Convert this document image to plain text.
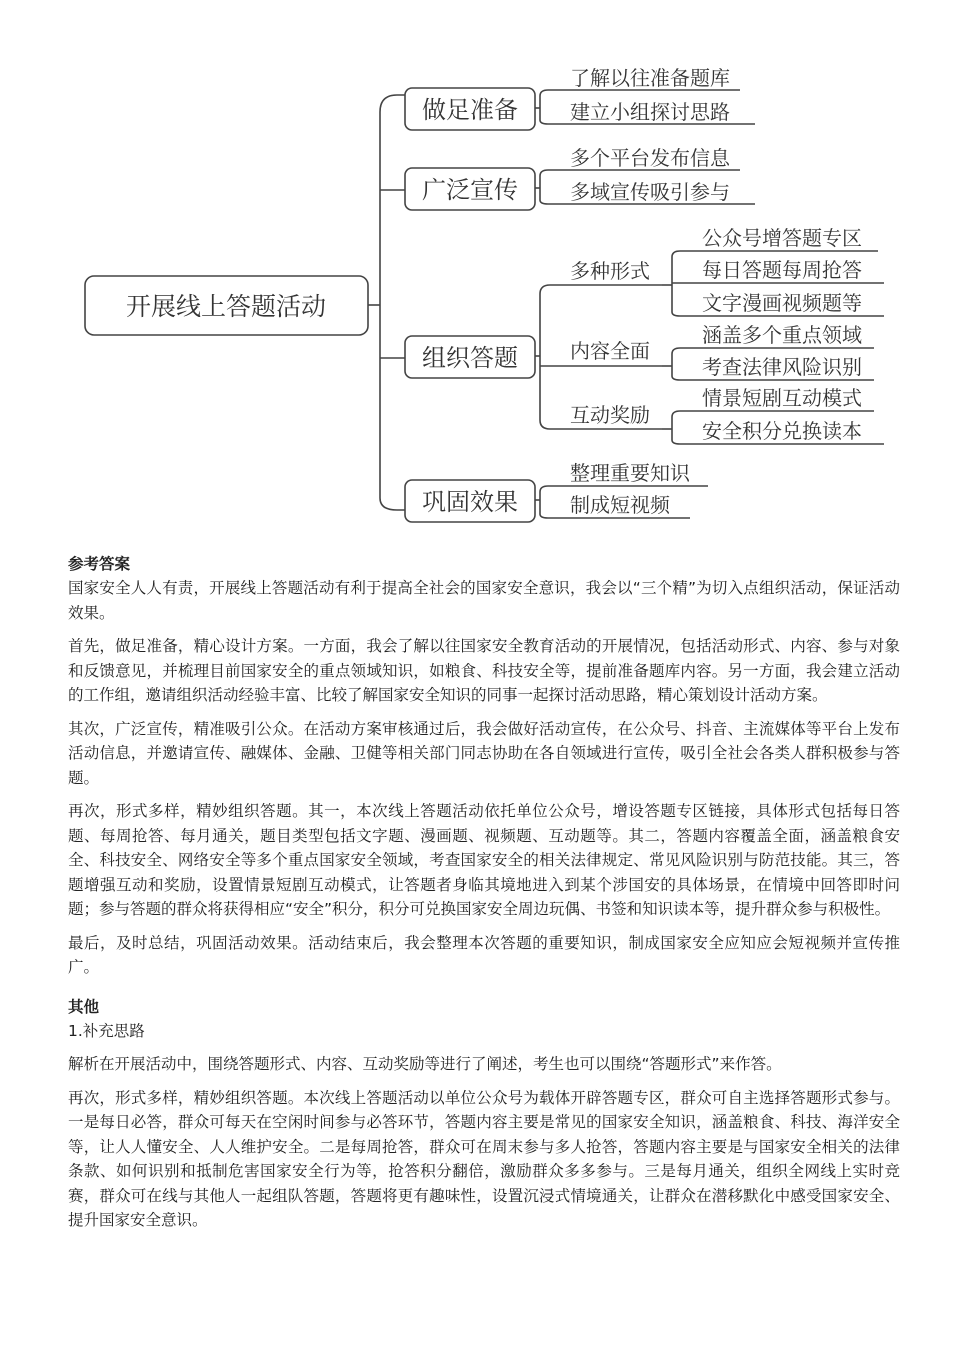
开展线上答题活动
做足准备
广泛宣传
组织答题
巩固效果
了解以往准备题库
建立小组探讨思路
多个平台发布信息
多域宣传吸引参与
多种形式
内容全面
互动奖励
公众号增答题专区
每日答题每周抢答
文字漫画视频题等
涵盖多个重点领域
考查法律风险识别
情景短剧互动模式
安全积分兑换读本
整理重要知识
制成短视频

参考答案

国家安全人人有责，开展线上答题活动有利于提高全社会的国家安全意识，我会以“三个精”为切入点组织活动，保证活动效果。

首先，做足准备，精心设计方案。一方面，我会了解以往国家安全教育活动的开展情况，包括活动形式、内容、参与对象和反馈意见，并梳理目前国家安全的重点领域知识，如粮食、科技安全等，提前准备题库内容。另一方面，我会建立活动的工作组，邀请组织活动经验丰富、比较了解国家安全知识的同事一起探讨活动思路，精心策划设计活动方案。

其次，广泛宣传，精准吸引公众。在活动方案审核通过后，我会做好活动宣传，在公众号、抖音、主流媒体等平台上发布活动信息，并邀请宣传、融媒体、金融、卫健等相关部门同志协助在各自领域进行宣传，吸引全社会各类人群积极参与答题。

再次，形式多样，精妙组织答题。其一，本次线上答题活动依托单位公众号，增设答题专区链接，具体形式包括每日答题、每周抢答、每月通关，题目类型包括文字题、漫画题、视频题、互动题等。其二，答题内容覆盖全面，涵盖粮食安全、科技安全、网络安全等多个重点国家安全领域，考查国家安全的相关法律规定、常见风险识别与防范技能。其三，答题增强互动和奖励，设置情景短剧互动模式，让答题者身临其境地进入到某个涉国安的具体场景，在情境中回答即时问题；参与答题的群众将获得相应“安全”积分，积分可兑换国家安全周边玩偶、书签和知识读本等，提升群众参与积极性。

最后，及时总结，巩固活动效果。活动结束后，我会整理本次答题的重要知识，制成国家安全应知应会短视频并宣传推广。

其他

1.补充思路

解析在开展活动中，围绕答题形式、内容、互动奖励等进行了阐述，考生也可以围绕“答题形式”来作答。

再次，形式多样，精妙组织答题。本次线上答题活动以单位公众号为载体开辟答题专区，群众可自主选择答题形式参与。一是每日必答，群众可每天在空闲时间参与必答环节，答题内容主要是常见的国家安全知识，涵盖粮食、科技、海洋安全等，让人人懂安全、人人维护安全。二是每周抢答，群众可在周末参与多人抢答，答题内容主要是与国家安全相关的法律条款、如何识别和抵制危害国家安全行为等，抢答积分翻倍，激励群众多多参与。三是每月通关，组织全网线上实时竞赛，群众可在线与其他人一起组队答题，答题将更有趣味性，设置沉浸式情境通关，让群众在潜移默化中感受国家安全、提升国家安全意识。
